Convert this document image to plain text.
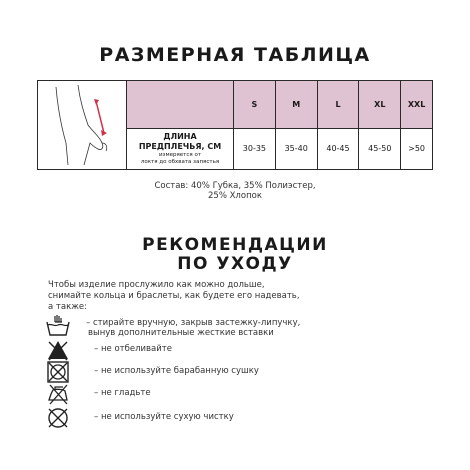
РАЗМЕРНАЯ ТАБЛИЦА
		S	M	L	XL	XXL
	ДЛИНА
ПРЕДПЛЕЧЬЯ, СМ
измеряется от
локтя до обхвата запястья	30-35	35-40	40-45	45-50	>50
Состав: 40% Губка, 35% Полиэстер,
25% Хлопок
РЕКОМЕНДАЦИИ
ПО УХОДУ
Чтобы изделие прослужило как можно дольше,
снимайте кольца и браслеты, как будете его надевать,
а также:
– стирайте вручную, закрыв застежку-липучку,
вынув дополнительные жесткие вставки
– не отбеливайте
– не используйте барабанную сушку
– не гладьте
– не используйте сухую чистку
